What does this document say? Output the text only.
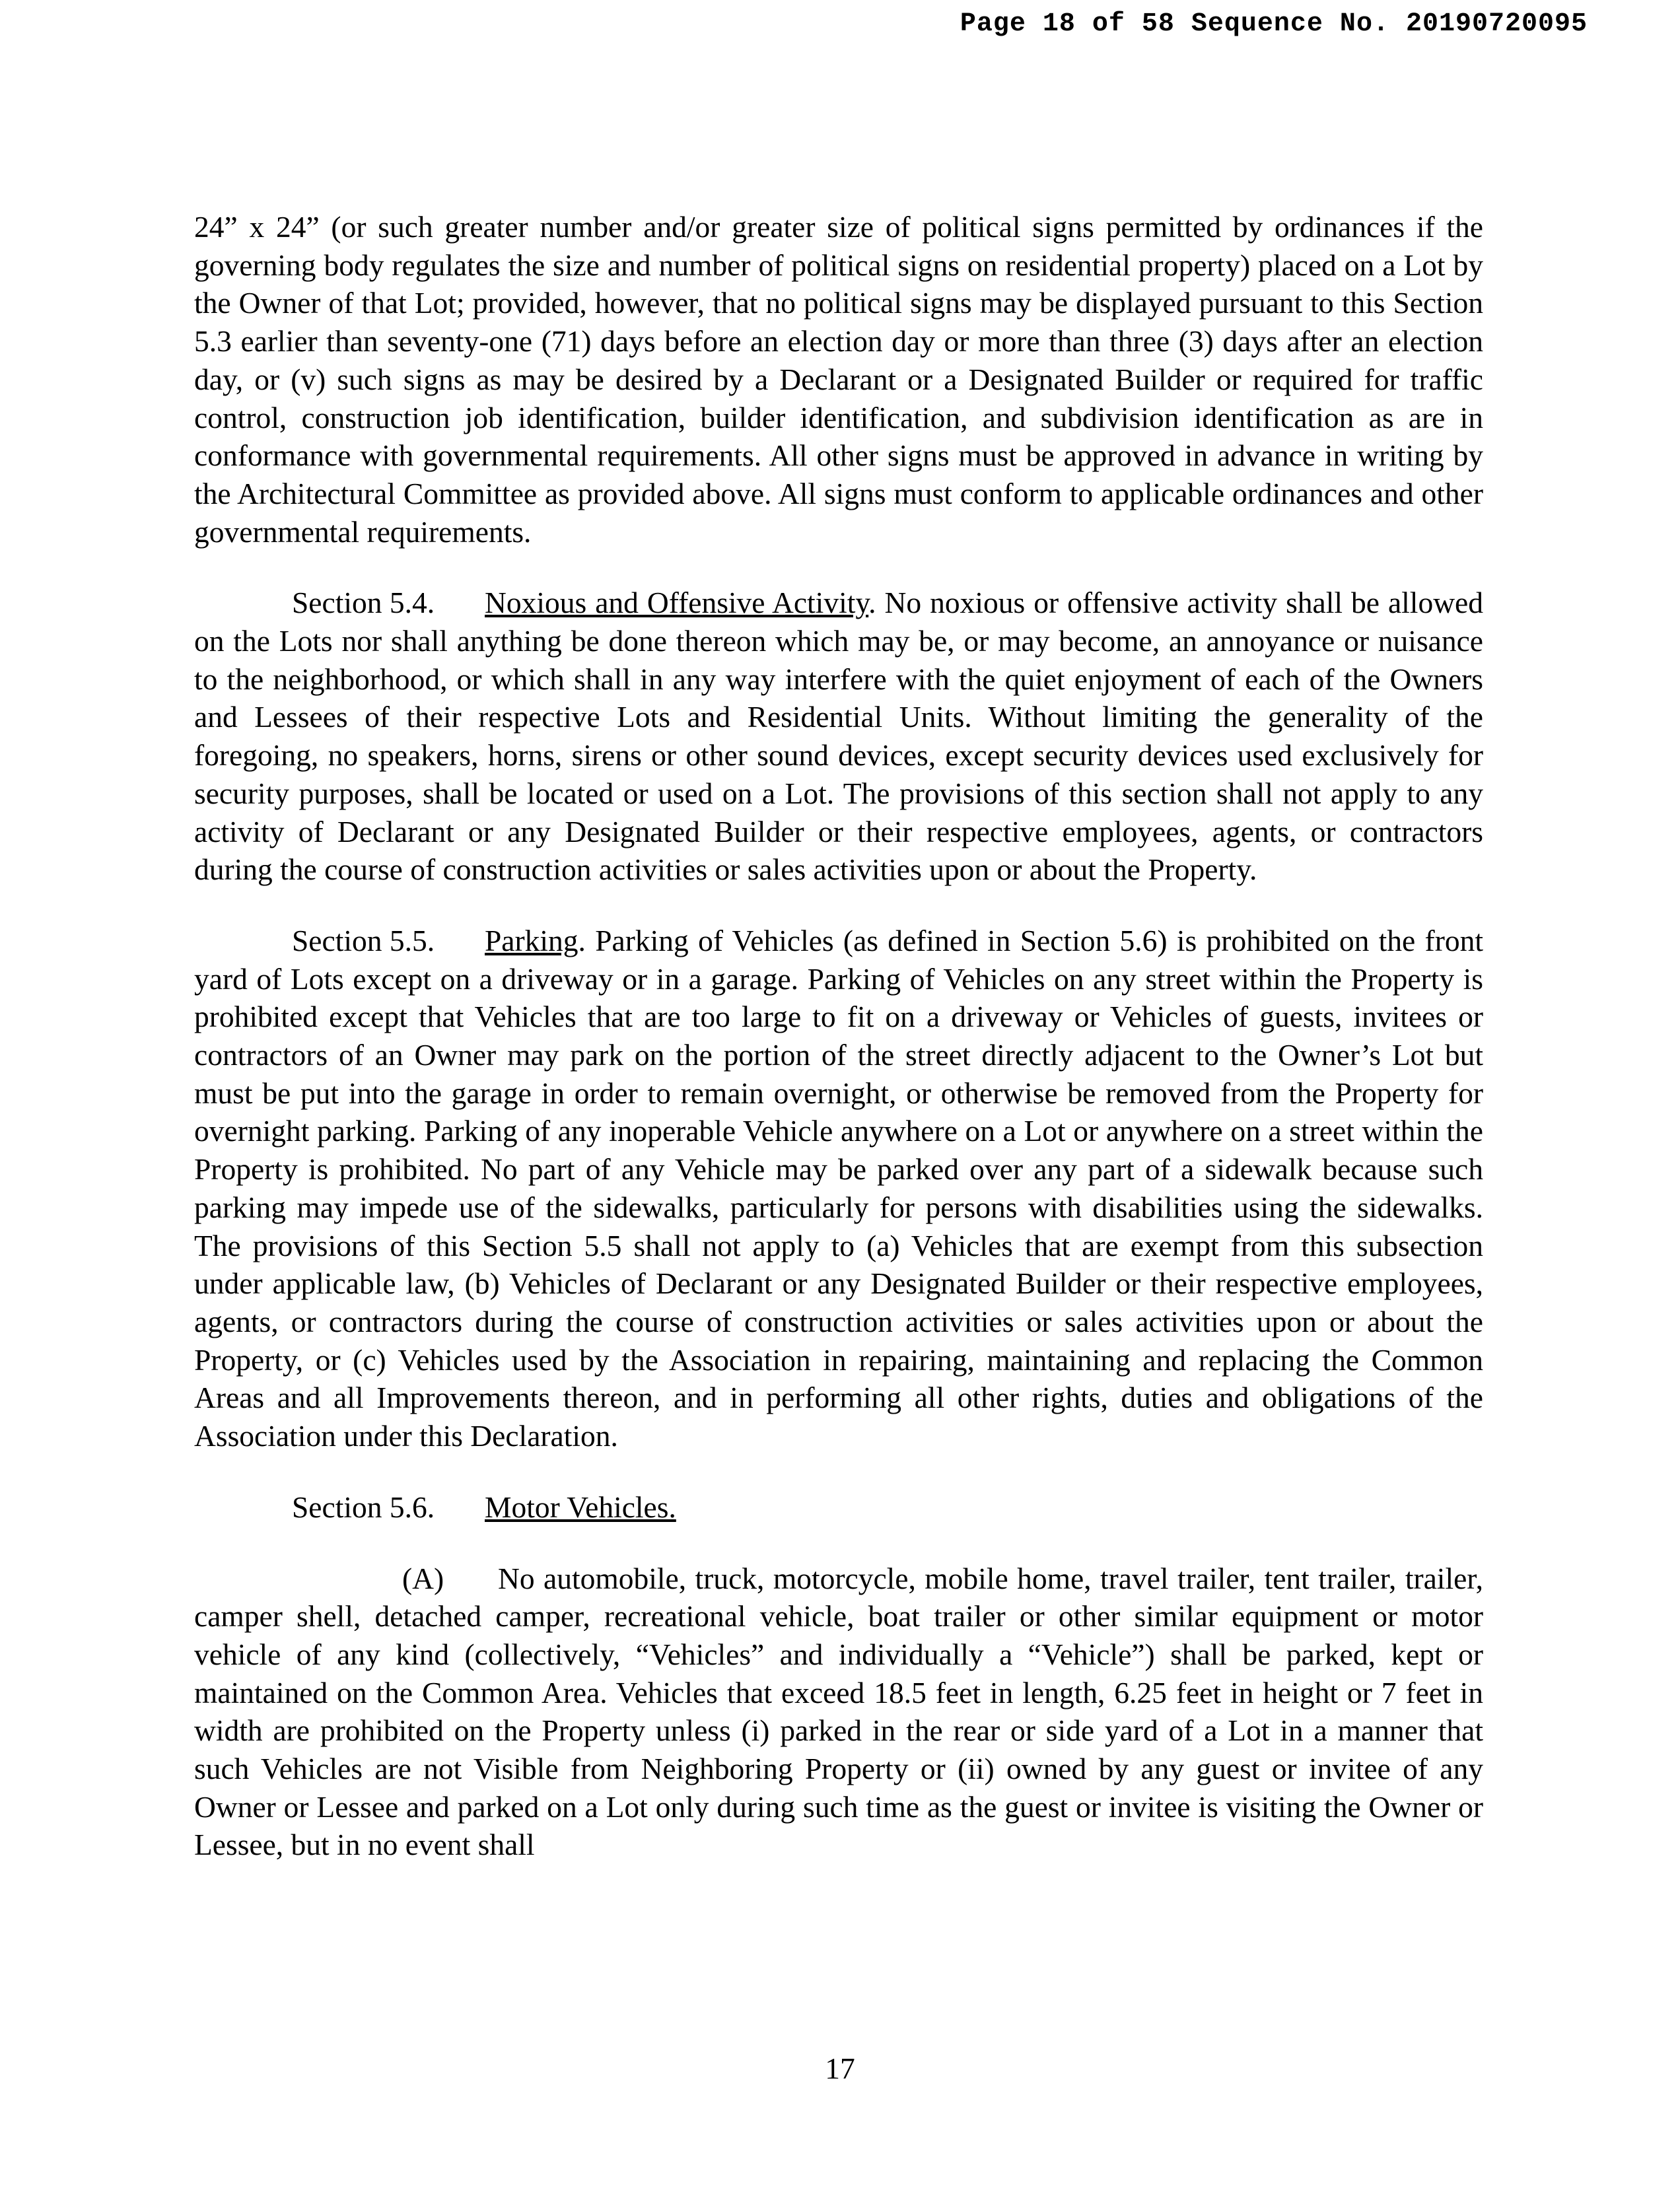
Page 18 of 58 Sequence No. 20190720095

24” x 24” (or such greater number and/or greater size of political signs permitted by ordinances if the governing body regulates the size and number of political signs on residential property) placed on a Lot by the Owner of that Lot; provided, however, that no political signs may be displayed pursuant to this Section 5.3 earlier than seventy-one (71) days before an election day or more than three (3) days after an election day, or (v) such signs as may be desired by a Declarant or a Designated Builder or required for traffic control, construction job identification, builder identification, and subdivision identification as are in conformance with governmental requirements. All other signs must be approved in advance in writing by the Architectural Committee as provided above. All signs must conform to applicable ordinances and other governmental requirements.

Section 5.4. Noxious and Offensive Activity. No noxious or offensive activity shall be allowed on the Lots nor shall anything be done thereon which may be, or may become, an annoyance or nuisance to the neighborhood, or which shall in any way interfere with the quiet enjoyment of each of the Owners and Lessees of their respective Lots and Residential Units. Without limiting the generality of the foregoing, no speakers, horns, sirens or other sound devices, except security devices used exclusively for security purposes, shall be located or used on a Lot. The provisions of this section shall not apply to any activity of Declarant or any Designated Builder or their respective employees, agents, or contractors during the course of construction activities or sales activities upon or about the Property.

Section 5.5. Parking. Parking of Vehicles (as defined in Section 5.6) is prohibited on the front yard of Lots except on a driveway or in a garage. Parking of Vehicles on any street within the Property is prohibited except that Vehicles that are too large to fit on a driveway or Vehicles of guests, invitees or contractors of an Owner may park on the portion of the street directly adjacent to the Owner’s Lot but must be put into the garage in order to remain overnight, or otherwise be removed from the Property for overnight parking. Parking of any inoperable Vehicle anywhere on a Lot or anywhere on a street within the Property is prohibited. No part of any Vehicle may be parked over any part of a sidewalk because such parking may impede use of the sidewalks, particularly for persons with disabilities using the sidewalks. The provisions of this Section 5.5 shall not apply to (a) Vehicles that are exempt from this subsection under applicable law, (b) Vehicles of Declarant or any Designated Builder or their respective employees, agents, or contractors during the course of construction activities or sales activities upon or about the Property, or (c) Vehicles used by the Association in repairing, maintaining and replacing the Common Areas and all Improvements thereon, and in performing all other rights, duties and obligations of the Association under this Declaration.

Section 5.6. Motor Vehicles.

(A) No automobile, truck, motorcycle, mobile home, travel trailer, tent trailer, trailer, camper shell, detached camper, recreational vehicle, boat trailer or other similar equipment or motor vehicle of any kind (collectively, “Vehicles” and individually a “Vehicle”) shall be parked, kept or maintained on the Common Area. Vehicles that exceed 18.5 feet in length, 6.25 feet in height or 7 feet in width are prohibited on the Property unless (i) parked in the rear or side yard of a Lot in a manner that such Vehicles are not Visible from Neighboring Property or (ii) owned by any guest or invitee of any Owner or Lessee and parked on a Lot only during such time as the guest or invitee is visiting the Owner or Lessee, but in no event shall

17
